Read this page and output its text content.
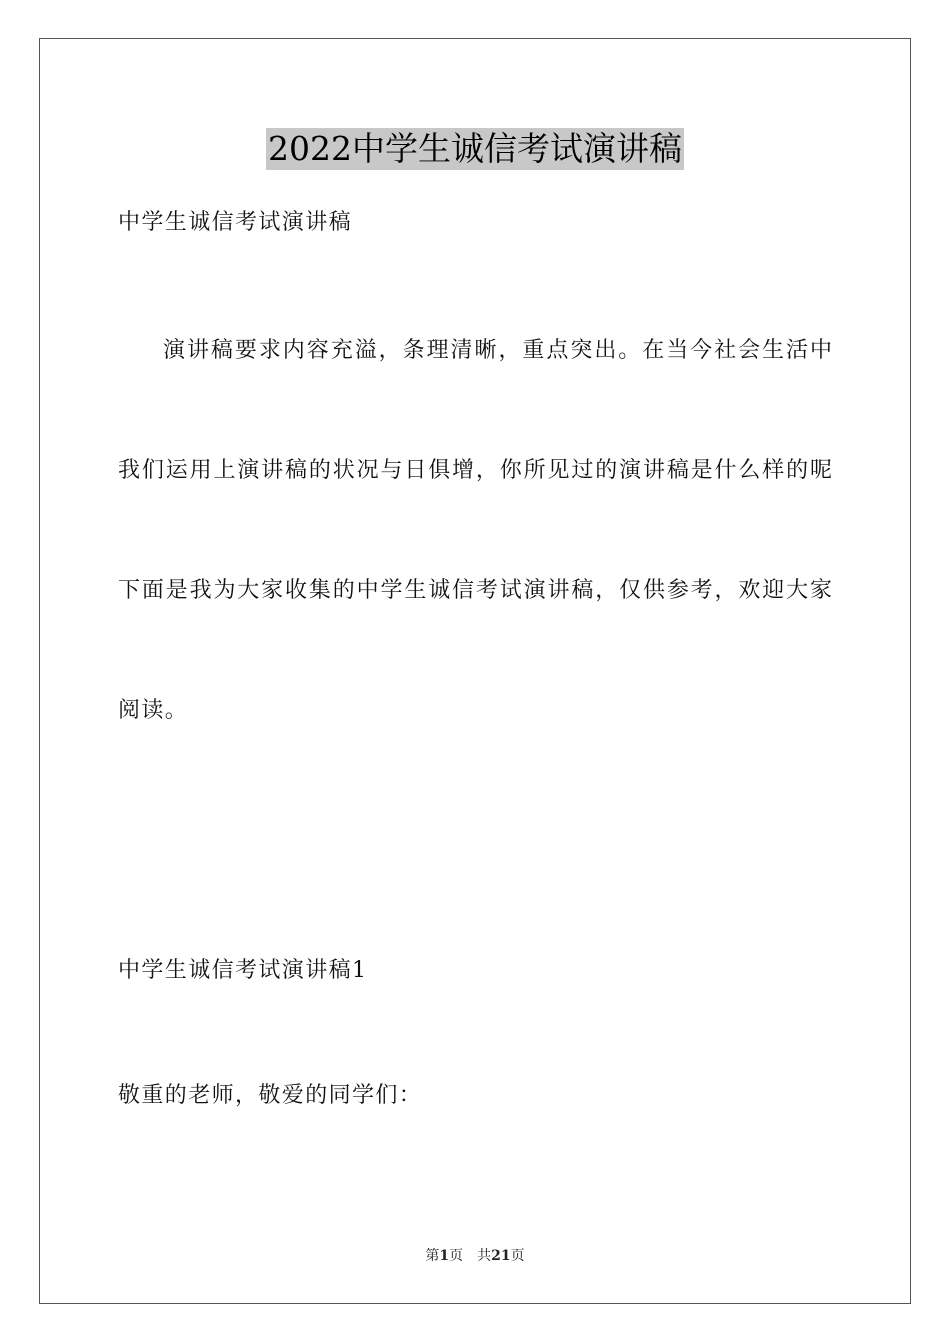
2022中学生诚信考试演讲稿
中学生诚信考试演讲稿
演讲稿要求内容充溢，条理清晰，重点突出。在当今社会生活中
我们运用上演讲稿的状况与日俱增，你所见过的演讲稿是什么样的呢
下面是我为大家收集的中学生诚信考试演讲稿，仅供参考，欢迎大家
阅读。
中学生诚信考试演讲稿1
敬重的老师，敬爱的同学们：
第1页 共21页
